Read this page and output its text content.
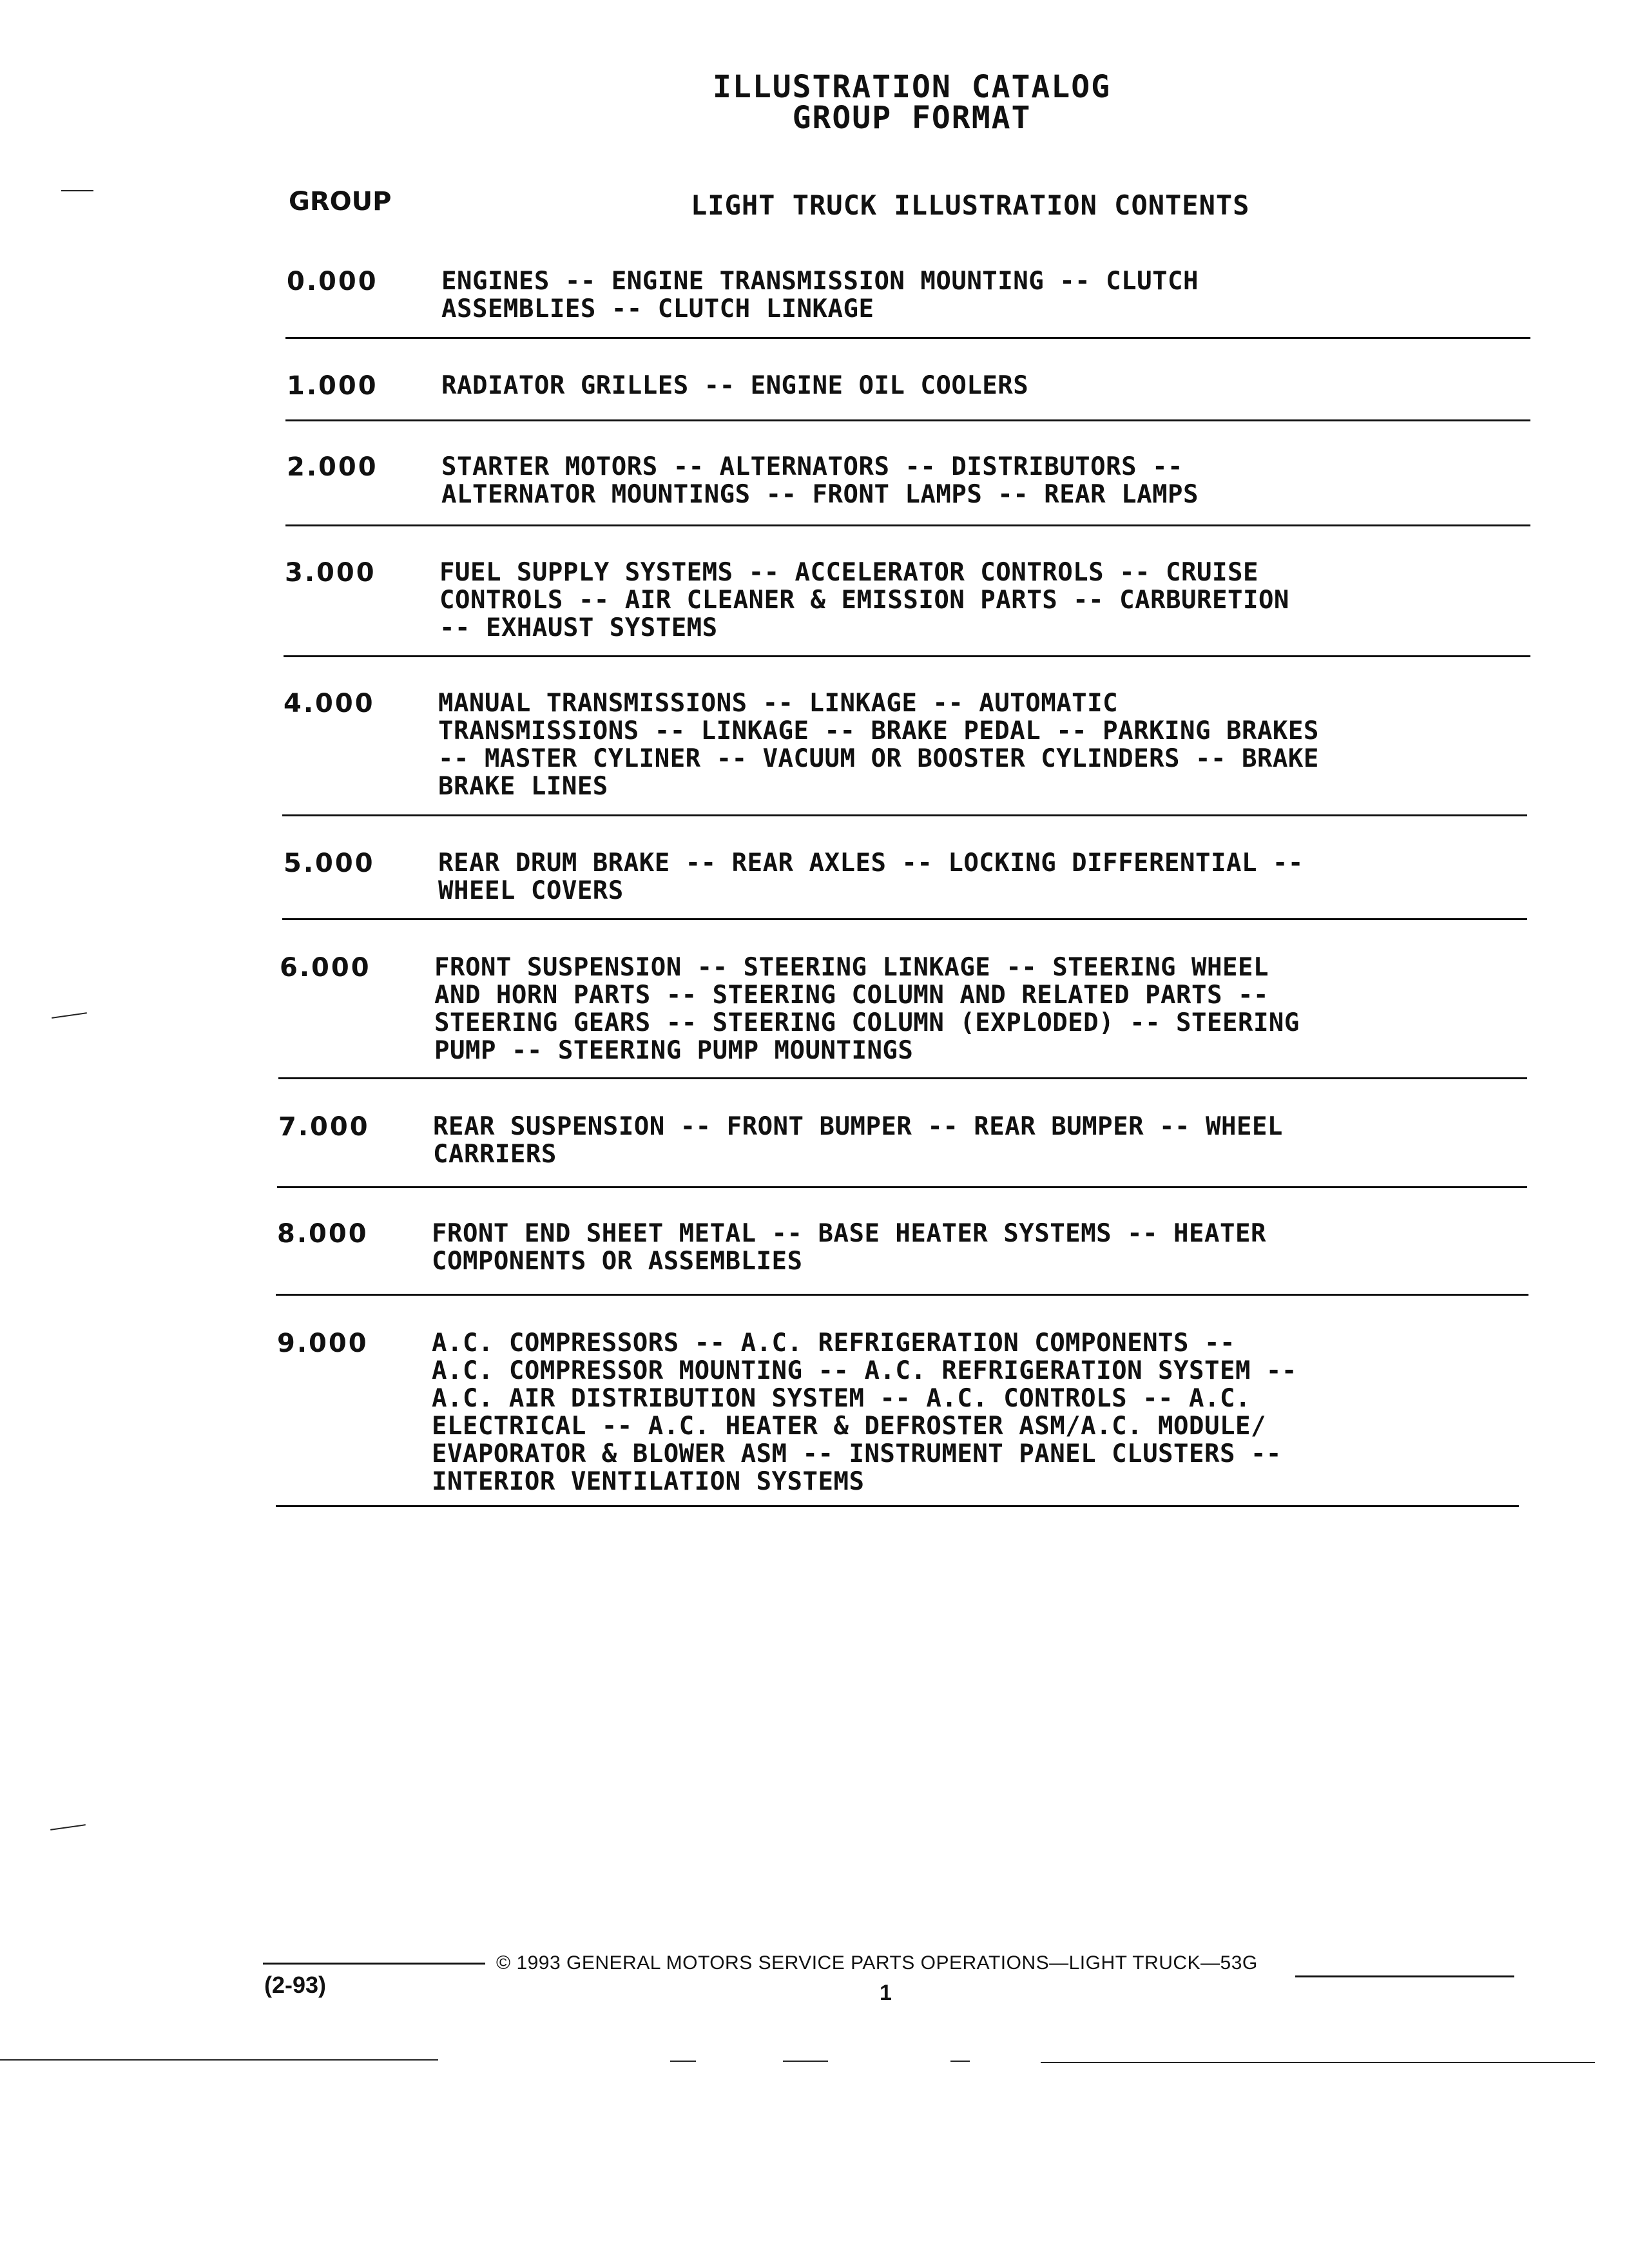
ILLUSTRATION CATALOG
GROUP FORMAT
GROUP	LIGHT TRUCK ILLUSTRATION CONTENTS
0.000	ENGINES -- ENGINE TRANSMISSION MOUNTING -- CLUTCH
ASSEMBLIES -- CLUTCH LINKAGE
1.000	RADIATOR GRILLES -- ENGINE OIL COOLERS
2.000	STARTER MOTORS -- ALTERNATORS -- DISTRIBUTORS --
ALTERNATOR MOUNTINGS -- FRONT LAMPS -- REAR LAMPS
3.000	FUEL SUPPLY SYSTEMS -- ACCELERATOR CONTROLS -- CRUISE
CONTROLS -- AIR CLEANER & EMISSION PARTS -- CARBURETION
-- EXHAUST SYSTEMS
4.000	MANUAL TRANSMISSIONS -- LINKAGE -- AUTOMATIC
TRANSMISSIONS -- LINKAGE -- BRAKE PEDAL -- PARKING BRAKES
-- MASTER CYLINER -- VACUUM OR BOOSTER CYLINDERS -- BRAKE
BRAKE LINES
5.000	REAR DRUM BRAKE -- REAR AXLES -- LOCKING DIFFERENTIAL --
WHEEL COVERS
6.000	FRONT SUSPENSION -- STEERING LINKAGE -- STEERING WHEEL
AND HORN PARTS -- STEERING COLUMN AND RELATED PARTS --
STEERING GEARS -- STEERING COLUMN (EXPLODED) -- STEERING
PUMP -- STEERING PUMP MOUNTINGS
7.000	REAR SUSPENSION -- FRONT BUMPER -- REAR BUMPER -- WHEEL
CARRIERS
8.000	FRONT END SHEET METAL -- BASE HEATER SYSTEMS -- HEATER
COMPONENTS OR ASSEMBLIES
9.000	A.C. COMPRESSORS -- A.C. REFRIGERATION COMPONENTS --
A.C. COMPRESSOR MOUNTING -- A.C. REFRIGERATION SYSTEM --
A.C. AIR DISTRIBUTION SYSTEM -- A.C. CONTROLS -- A.C.
ELECTRICAL -- A.C. HEATER & DEFROSTER ASM/A.C. MODULE/
EVAPORATOR & BLOWER ASM -- INSTRUMENT PANEL CLUSTERS --
INTERIOR VENTILATION SYSTEMS
© 1993 GENERAL MOTORS SERVICE PARTS OPERATIONS—LIGHT TRUCK—53G
(2-93)	1
